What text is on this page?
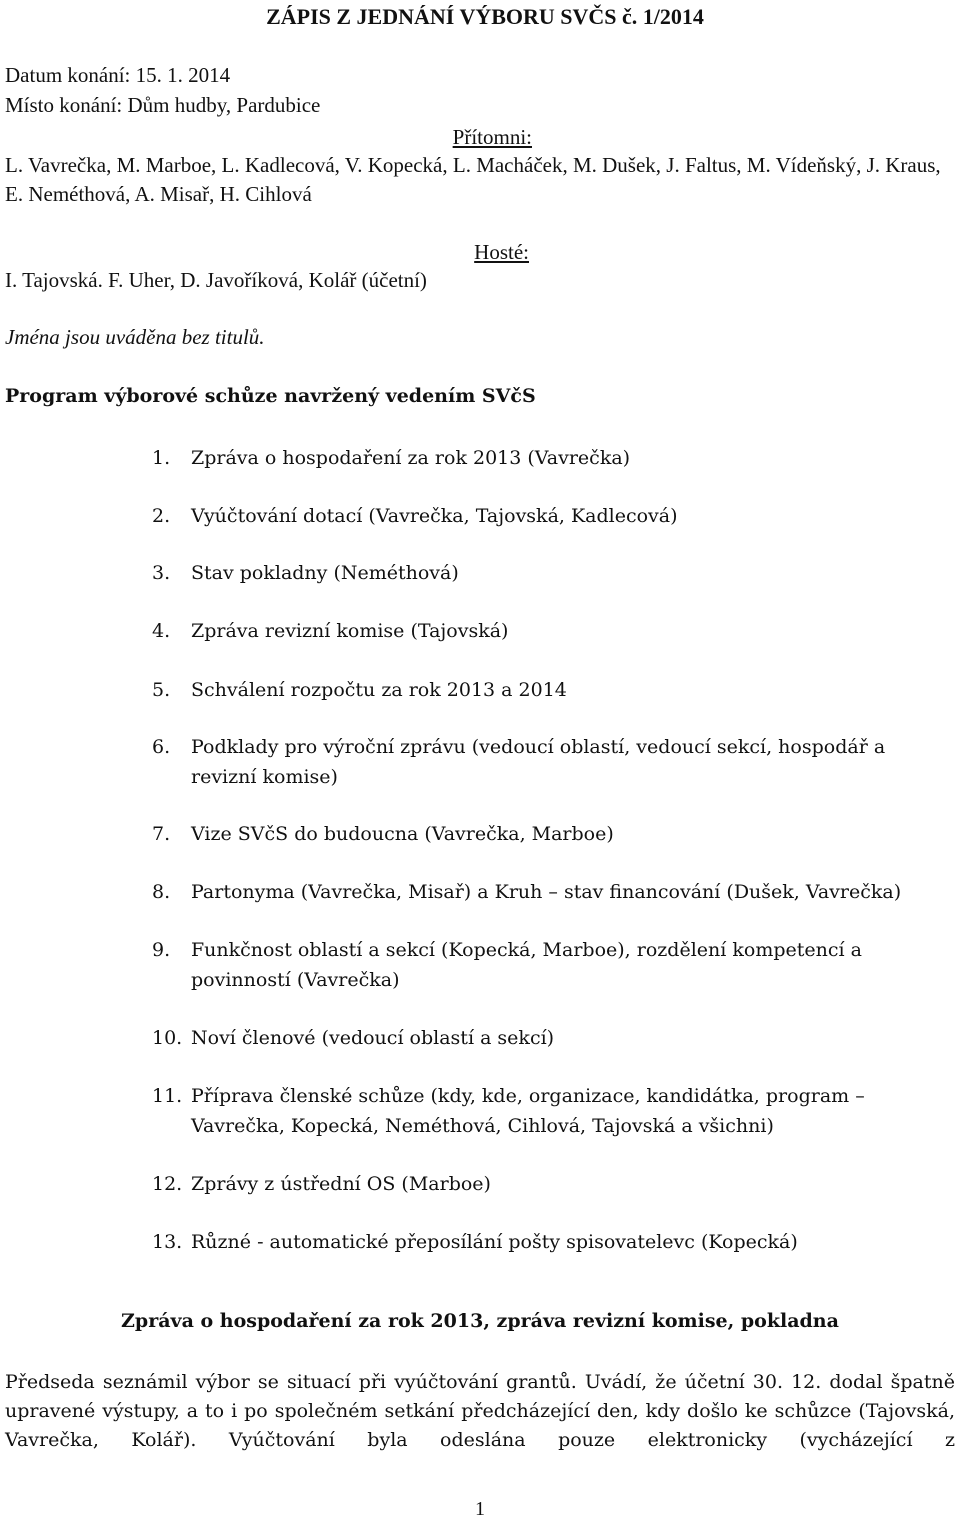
ZÁPIS Z JEDNÁNÍ VÝBORU SVČS č. 1/2014
Datum konání: 15. 1. 2014
Místo konání: Dům hudby, Pardubice
Přítomni:
L. Vavrečka, M. Marboe, L. Kadlecová, V. Kopecká, L. Macháček, M. Dušek, J. Faltus, M. Vídeňský, J. Kraus, E. Neméthová, A. Misař, H. Cihlová
Hosté:
I. Tajovská. F. Uher, D. Javoříková, Kolář (účetní)
Jména jsou uváděna bez titulů.
Program výborové schůze navržený vedením SVčS
1.	Zpráva o hospodaření za rok 2013 (Vavrečka)
2.	Vyúčtování dotací (Vavrečka, Tajovská, Kadlecová)
3.	Stav pokladny (Neméthová)
4.	Zpráva revizní komise (Tajovská)
5.	Schválení rozpočtu za rok 2013 a 2014
6.	Podklady pro výroční zprávu (vedoucí oblastí, vedoucí sekcí, hospodář a revizní komise)
7.	Vize SVčS do budoucna (Vavrečka, Marboe)
8.	Partonyma (Vavrečka, Misař) a Kruh – stav financování (Dušek, Vavrečka)
9.	Funkčnost oblastí a sekcí (Kopecká, Marboe), rozdělení kompetencí a povinností (Vavrečka)
10. Noví členové (vedoucí oblastí a sekcí)
11. Příprava členské schůze (kdy, kde, organizace, kandidátka, program – Vavrečka, Kopecká, Neméthová, Cihlová, Tajovská a všichni)
12. Zprávy z ústřední OS (Marboe)
13. Různé - automatické přeposílání pošty spisovatelevc (Kopecká)
Zpráva o hospodaření za rok 2013, zpráva revizní komise, pokladna
Předseda seznámil výbor se situací při vyúčtování grantů. Uvádí, že účetní 30. 12. dodal špatně upravené výstupy, a to i po společném setkání předcházející den, kdy došlo ke schůzce (Tajovská, Vavrečka, Kolář). Vyúčtování byla odeslána pouze elektronicky (vycházející z
1
